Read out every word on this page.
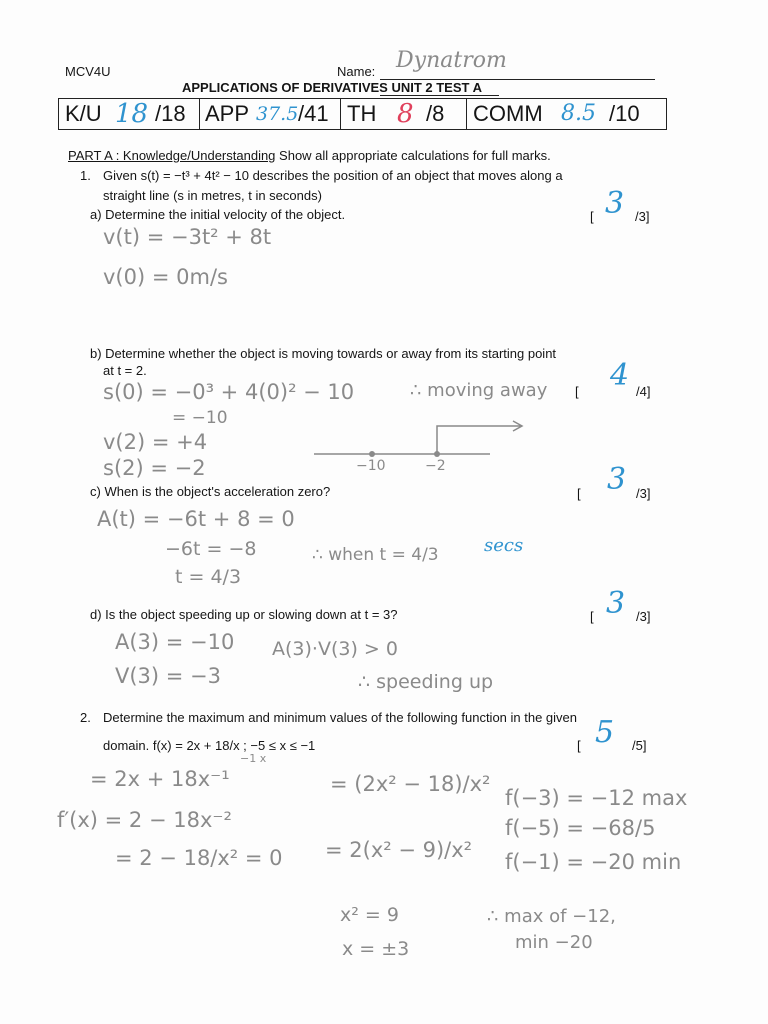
MCV4U	Name: Dynatrom
APPLICATIONS OF DERIVATIVES UNIT 2 TEST A
K/U 18 /18 APP 37.5 /41 TH 8 /8 COMM 8.5 /10
PART A : Knowledge/Understanding Show all appropriate calculations for full marks.
1. Given s(t) = −t³ + 4t² − 10 describes the position of an object that moves along a
straight line (s in metres, t in seconds)
a) Determine the initial velocity of the object.	[ 3 /3]
v(t) = −3t² + 8t
v(0) = 0m/s
b) Determine whether the object is moving towards or away from its starting point
at t = 2.
[ 4 /4]
s(0) = −0³ + 4(0)² − 10
= −10
v(2) = +4
s(2) = −2
∴ moving away
−10	−2
c) When is the object's acceleration zero?	[ 3 /3]
A(t) = −6t + 8 = 0
−6t = −8
t = 4/3
∴ when t = 4/3	secs
d) Is the object speeding up or slowing down at t = 3?	[ 3 /3]
A(3) = −10
V(3) = −3
A(3)·V(3) > 0
∴ speeding up
2. Determine the maximum and minimum values of the following function in the given
domain. f(x) = 2x + 18/x ; −5 ≤ x ≤ −1
−1 x
[ 5 /5]
= 2x + 18x⁻¹
f′(x) = 2 − 18x⁻²
= 2 − 18/x² = 0
= (2x² − 18)/x²
= 2(x² − 9)/x²
x² = 9
x = ±3
f(−3) = −12 max
f(−5) = −68/5
f(−1) = −20 min
∴ max of −12,
min −20
